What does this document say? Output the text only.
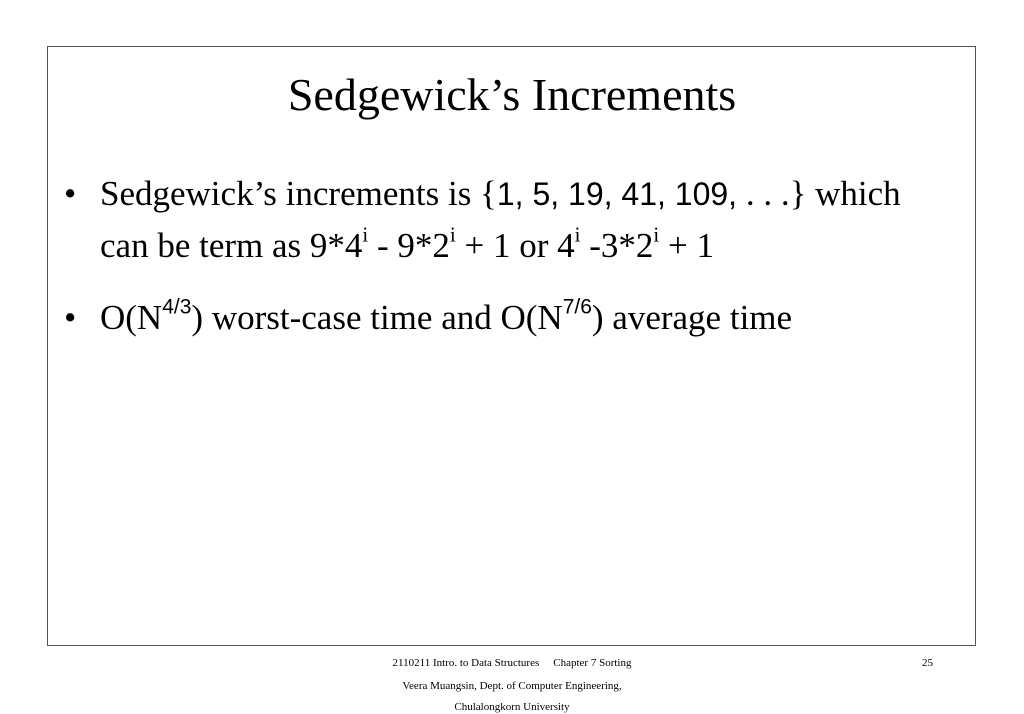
Sedgewick’s Increments
• Sedgewick’s increments is {1, 5, 19, 41, 109, . . .} which can be term as $9*4^i - 9*2^i + 1$ or 4$^i$ $-3*2^i + 1$
• $O(N^{4/3})$ worst-case time and $O(N^{7/6})$ average time
2110211 Intro. to Data Structures Chapter 7 Sorting
Veera Muangsin, Dept. of Computer Engineering,
Chulalongkorn University
25
